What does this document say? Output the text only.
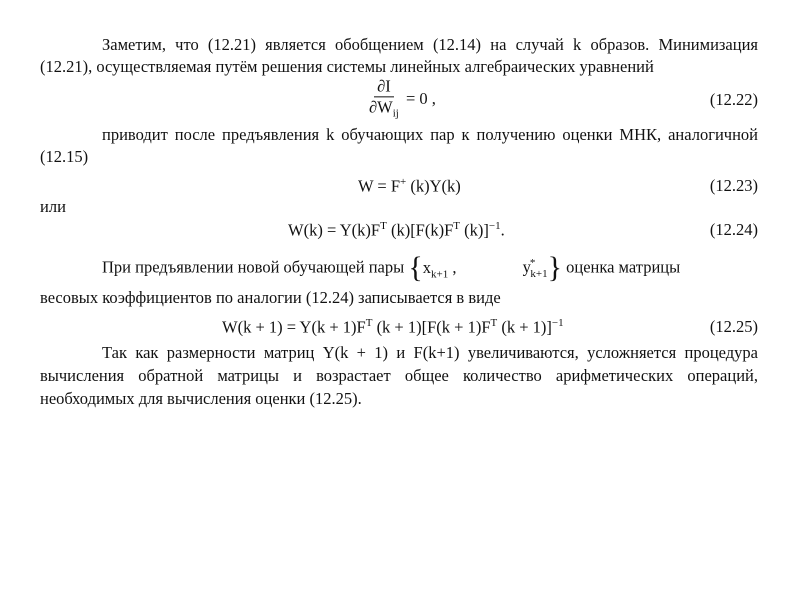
Заметим, что (12.21) является обобщением (12.14) на случай k образов. Минимизация (12.21), осуществляемая путём решения системы линейных алгебраических уравнений

$\frac{\partial I}{\partial W_{ij}} = 0$ ,	(12.22)

приводит после предъявления k обучающих пар к получению оценки МНК, аналогичной (12.15)

W = F+ (k)Y(k)	(12.23)

или

$W(k) = Y(k)F^T$ $(k)[F(k)F^T$ (k)]$^{-1}$.	(12.24)

При предъявлении новой обучающей пары {$x_{k+1}$ ,	$y^*_{k+1}$} оценка матрицы

весовых коэффициентов по аналогии (12.24) записывается в виде

$W(k + 1) = Y(k + 1)F^T$ $(k + 1)[F(k + 1)F^T$ (k + 1)]$^{-1}$	(12.25)

Так как размерности матриц Y(k + 1) и F(k+1) увеличиваются, усложняется процедура вычисления обратной матрицы и возрастает общее количество арифметических операций, необходимых для вычисления оценки (12.25).
